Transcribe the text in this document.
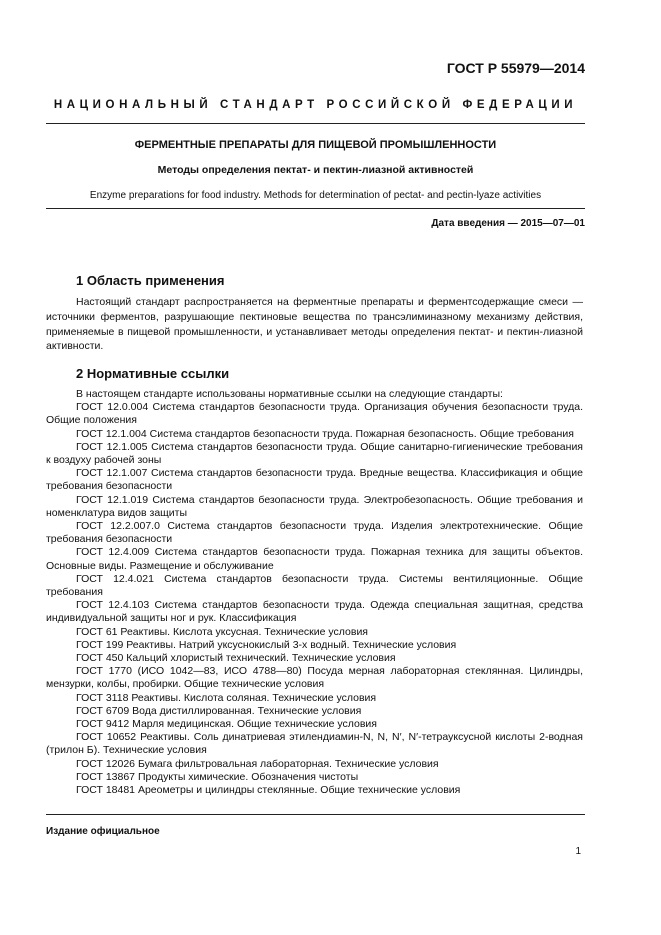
ГОСТ Р 55979—2014
НАЦИОНАЛЬНЫЙ СТАНДАРТ РОССИЙСКОЙ ФЕДЕРАЦИИ
ФЕРМЕНТНЫЕ ПРЕПАРАТЫ ДЛЯ ПИЩЕВОЙ ПРОМЫШЛЕННОСТИ
Методы определения пектат- и пектин-лиазной активностей
Enzyme preparations for food industry. Methods for determination of pectat- and pectin-lyaze activities
Дата введения — 2015—07—01
1 Область применения

Настоящий стандарт распространяется на ферментные препараты и ферментсодержащие смеси — источники ферментов, разрушающие пектиновые вещества по трансэлиминазному механизму действия, применяемые в пищевой промышленности, и устанавливает методы определения пектат- и пектин-лиазной активности.

2 Нормативные ссылки

В настоящем стандарте использованы нормативные ссылки на следующие стандарты:

ГОСТ 12.0.004 Система стандартов безопасности труда. Организация обучения безопасности труда. Общие положения

ГОСТ 12.1.004 Система стандартов безопасности труда. Пожарная безопасность. Общие требования

ГОСТ 12.1.005 Система стандартов безопасности труда. Общие санитарно-гигиенические требования к воздуху рабочей зоны

ГОСТ 12.1.007 Система стандартов безопасности труда. Вредные вещества. Классификация и общие требования безопасности

ГОСТ 12.1.019 Система стандартов безопасности труда. Электробезопасность. Общие требования и номенклатура видов защиты

ГОСТ 12.2.007.0 Система стандартов безопасности труда. Изделия электротехнические. Общие требования безопасности

ГОСТ 12.4.009 Система стандартов безопасности труда. Пожарная техника для защиты объектов. Основные виды. Размещение и обслуживание

ГОСТ 12.4.021 Система стандартов безопасности труда. Системы вентиляционные. Общие требования

ГОСТ 12.4.103 Система стандартов безопасности труда. Одежда специальная защитная, средства индивидуальной защиты ног и рук. Классификация

ГОСТ 61 Реактивы. Кислота уксусная. Технические условия

ГОСТ 199 Реактивы. Натрий уксуснокислый 3-х водный. Технические условия

ГОСТ 450 Кальций хлористый технический. Технические условия

ГОСТ 1770 (ИСО 1042—83, ИСО 4788—80) Посуда мерная лабораторная стеклянная. Цилиндры, мензурки, колбы, пробирки. Общие технические условия

ГОСТ 3118 Реактивы. Кислота соляная. Технические условия

ГОСТ 6709 Вода дистиллированная. Технические условия

ГОСТ 9412 Марля медицинская. Общие технические условия

ГОСТ 10652 Реактивы. Соль динатриевая этилендиамин-N, N, N′, N′-тетрауксусной кислоты 2-водная (трилон Б). Технические условия

ГОСТ 12026 Бумага фильтровальная лабораторная. Технические условия

ГОСТ 13867 Продукты химические. Обозначения чистоты

ГОСТ 18481 Ареометры и цилиндры стеклянные. Общие технические условия

Издание официальное
1
